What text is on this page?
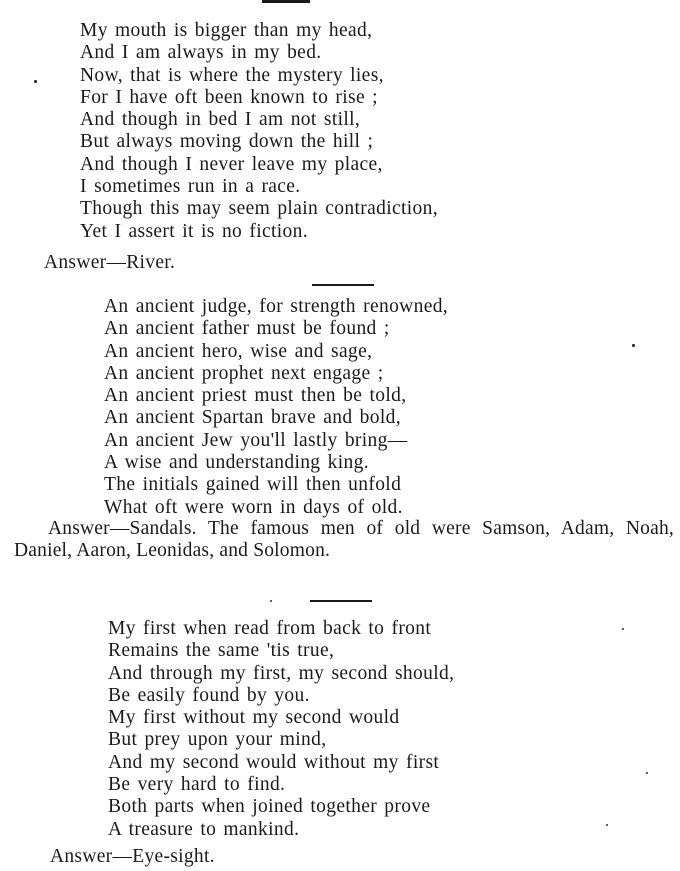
My mouth is bigger than my head,
And I am always in my bed.
Now, that is where the mystery lies,
For I have oft been known to rise ;
And though in bed I am not still,
But always moving down the hill ;
And though I never leave my place,
I sometimes run in a race.
Though this may seem plain contradiction,
Yet I assert it is no fiction.

Answer—River.

An ancient judge, for strength renowned,
An ancient father must be found ;
An ancient hero, wise and sage,
An ancient prophet next engage ;
An ancient priest must then be told,
An ancient Spartan brave and bold,
An ancient Jew you'll lastly bring—
A wise and understanding king.
The initials gained will then unfold
What oft were worn in days of old.

Answer—Sandals. The famous men of old were Samson, Adam, Noah, Daniel, Aaron, Leonidas, and Solomon.

My first when read from back to front
Remains the same 'tis true,
And through my first, my second should,
Be easily found by you.
My first without my second would
But prey upon your mind,
And my second would without my first
Be very hard to find.
Both parts when joined together prove
A treasure to mankind.

Answer—Eye-sight.
